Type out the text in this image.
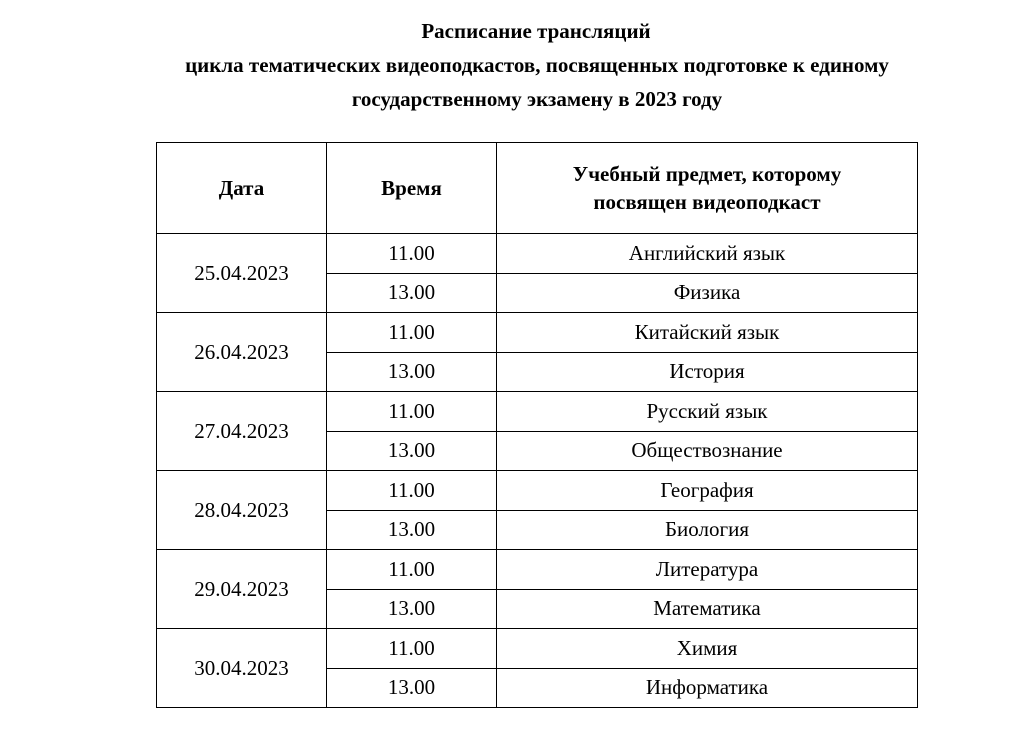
Расписание трансляций
цикла тематических видеоподкастов, посвященных подготовке к единому
государственному экзамену в 2023 году
Дата	Время	Учебный предмет, которому
посвящен видеоподкаст
25.04.2023	11.00	Английский язык
	13.00	Физика
26.04.2023	11.00	Китайский язык
	13.00	История
27.04.2023	11.00	Русский язык
	13.00	Обществознание
28.04.2023	11.00	География
	13.00	Биология
29.04.2023	11.00	Литература
	13.00	Математика
30.04.2023	11.00	Химия
	13.00	Информатика
